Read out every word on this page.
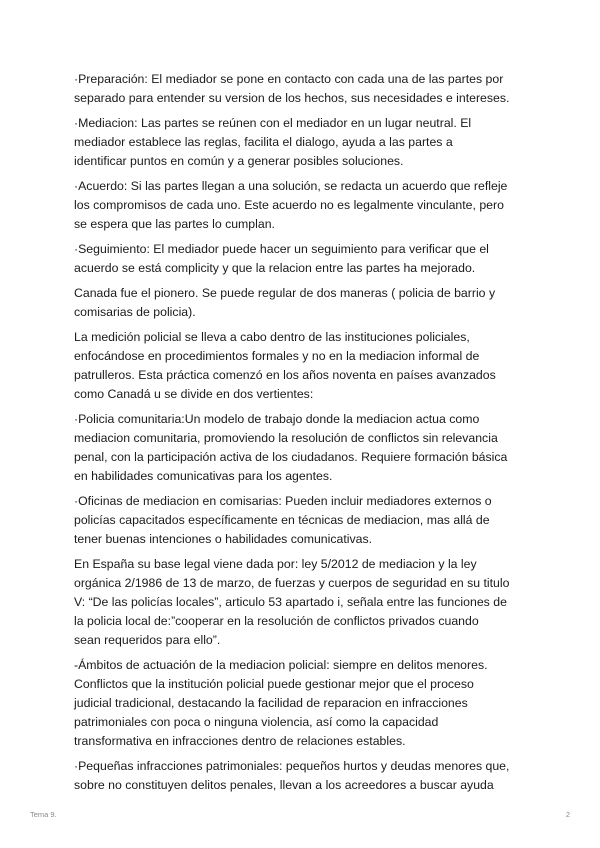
·Preparación: El mediador se pone en contacto con cada una de las partes por
separado para entender su version de los hechos, sus necesidades e intereses.

·Mediacion: Las partes se reúnen con el mediador en un lugar neutral. El
mediador establece las reglas, facilita el dialogo, ayuda a las partes a
identificar puntos en común y a generar posibles soluciones.

·Acuerdo: Si las partes llegan a una solución, se redacta un acuerdo que refleje
los compromisos de cada uno. Este acuerdo no es legalmente vinculante, pero
se espera que las partes lo cumplan.

·Seguimiento: El mediador puede hacer un seguimiento para verificar que el
acuerdo se está complicity y que la relacion entre las partes ha mejorado.

Canada fue el pionero. Se puede regular de dos maneras ( policia de barrio y
comisarias de policia).

La medición policial se lleva a cabo dentro de las instituciones policiales,
enfocándose en procedimientos formales y no en la mediacion informal de
patrulleros. Esta práctica comenzó en los años noventa en países avanzados
como Canadá u se divide en dos vertientes:

·Policia comunitaria:Un modelo de trabajo donde la mediacion actua como
mediacion comunitaria, promoviendo la resolución de conflictos sin relevancia
penal, con la participación activa de los ciudadanos. Requiere formación básica
en habilidades comunicativas para los agentes.

·Oficinas de mediacion en comisarias: Pueden incluir mediadores externos o
policías capacitados específicamente en técnicas de mediacion, mas allá de
tener buenas intenciones o habilidades comunicativas.

En España su base legal viene dada por: ley 5/2012 de mediacion y la ley
orgánica 2/1986 de 13 de marzo, de fuerzas y cuerpos de seguridad en su titulo
V: “De las policías locales”, articulo 53 apartado i, señala entre las funciones de
la policia local de:”cooperar en la resolución de conflictos privados cuando
sean requeridos para ello”.

-Ámbitos de actuación de la mediacion policial: siempre en delitos menores.
Conflictos que la institución policial puede gestionar mejor que el proceso
judicial tradicional, destacando la facilidad de reparacion en infracciones
patrimoniales con poca o ninguna violencia, así como la capacidad
transformativa en infracciones dentro de relaciones estables.

·Pequeñas infracciones patrimoniales: pequeños hurtos y deudas menores que,
sobre no constituyen delitos penales, llevan a los acreedores a buscar ayuda

Tema 9.	2
